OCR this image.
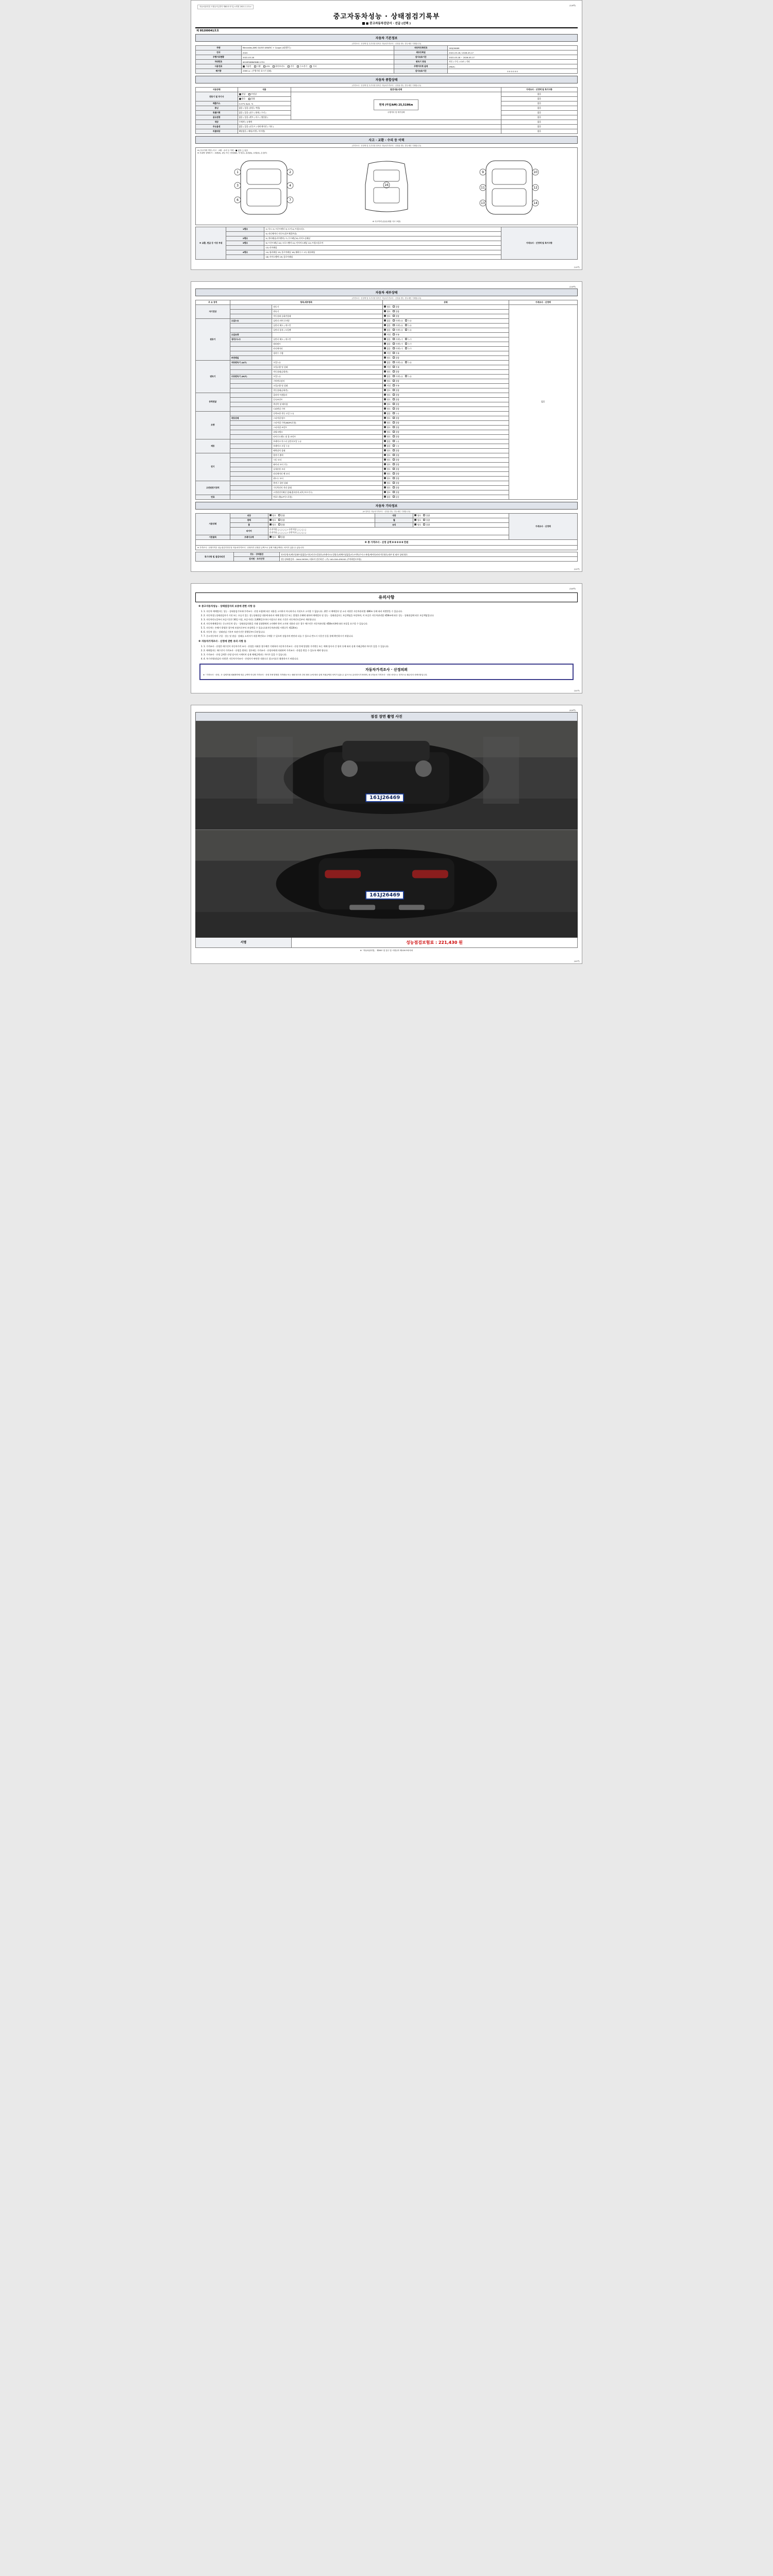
자동차관리법 시행규칙 [별지 제82호서식] <개정 2021.1.13.>	(1/4쪽)
중고자동차성능 · 상태점검기록부
■ 중고자동차진단서 · 선급 (선택 )
제 95200041호호
자동차 기본정보
(가격조사 · 산정액 및 특기사항 항목은 자동차가격조사 · 산정을 받는 경우에만 기재합니다)
차명	Mercedes-AMG GLE53 4MATIC + Coupe (4륜방식 )	자동차등록번호	161J26469
연식	2022	최초등록일	2022-03-18 / 2026-03-17
주행거리현황	2022-03-18	검사유효기간	2022-03-18 ~ 2026-03-17
차대번호	W1NFD6BW9NB11751	변속기 종류	자동 / 수동 / CVT / 기타
사용연료	가솔린 디젤 LPG 하이브리드 전기 수소전기 기타	주행거리계 실제	(MILE)
배기량	2999 cc (주행거리 표시기 상태)	검사유효기간	0 0 0 0 0 0
자동차 종합상태
(가격조사 · 산정액 및 특기사항 항목은 자동차가격조사 · 산정을 받는 경우에만 기재합니다)
사용상태	내용	점검내용/상태	가격조사 · 산정액 및 특기사항
전동기 및 주기사	정상 부정상	현재 (마일/kM) 25,519Km
주행거리 및 계기상태	없음
	양호 불량		없음
배출가스	0.07% 5pm. %		없음
튜닝	없음 / 있음 (불법 / 적법)		없음
특별이력	없음 / 있음 (침수 / 화재 / 수리 )		없음
용도변경	없음 / 있음 (렌트 / 리스 / 영업용 )		없음
색상	무채색 / 유채색		없음
주요옵션	없음 / 있음 (선루프 / 네비게이션 / 기타 )		없음
리콜대상	해당없음 / 해당(이행 / 미이행)		없음
사고 · 교환 · 수리 등 이력
(가격조사 · 산정액 및 특기사항 항목은 자동차가격조사 · 산정을 받는 경우에만 기재합니다)
※ (사고이력 여부) 사고 · 교환 · 수리 등 이력 : ■ 없음 □ 있음
※ 부위별 상태표시 : 교환(X), 판금 또는 용접(W), 부식(C), 흠집(A), 요철(U), 손상(T)
1
3
6
2
4
7
16
9
11
13
10
12
14
※ 사고이력 (유/무/대물 사고 포함)
※ 교환, 판금 등 이상 부위	1랭크	1) 후드 2) 프론트펜더 3) 도어 4) 트렁크리드	가격조사 · 산정액 및 특기사항
		5) 라디에이터 서포트(볼트체결부품)	
	2랭크	5) 쿼터패널(리어펜더) 7) 루프패널 8) 사이드실패널	
	3랭크	9) 프론트패널 10) 크로스멤버 11) 인사이드패널 12) 트렁크플로어	
		13) 리어패널	
	4랭크	14) 필러패널 15) 플로어패널 16) 휠하우스 17) 대쉬패널	
		18) 사이드멤버 19) 플로어패널	
(1/4쪽)
(2/4쪽)
자동차 세부상태
(가격조사 · 산정액 및 특기사항 항목은 자동차가격조사 · 산정을 받는 경우에만 기재합니다)
주 요 장치	항목/세부항목		상태	가격조사 · 산정액
자기진단		원동기	양호 불량	없음
		변속기	양호 불량	
		작동상태 공회전상태	양호 불량	
원동기	오일누유	실린더 커버 로카암	없음 미세누유 누유	
		실린더 헤드 / 개스킷	없음 미세누유 누유	
		실린더 블록 / 오일팬	없음 미세누유 누유	
	오일유량		적정 부족	
	냉각수누수	실린더 헤드 / 개스킷	없음 미세누수 누수	
		워터펌프	없음 미세누수 누수	
		라디에이터	없음 미세누수 누수	
		냉각수 수량	적정 부족	
	커먼레일		양호 불량	
변속기	자동변속기 (A/T)	오일누유	없음 미세누유 누유	
		오일유량 및 상태	적정 부족	
		작동상태(공회전)	양호 불량	
	수동변속기 (M/T)	오일누유	없음 미세누유 누유	
		기어변속장치	양호 불량	
		오일유량 및 상태	적정 부족	
		작동상태(공회전)	양호 불량	
동력전달		클러치 어셈블리	양호 불량	
		등속조인트	양호 불량	
		추진축 및 베어링	양호 불량	
		디퍼렌셜 기어	양호 불량	
조향		동력조향 작동 오일 누유	없음 누유	
	작동상태	스티어링 펌프	양호 불량	
		스티어링 기어(MDPS포함)	양호 불량	
		스티어링 조인트	양호 불량	
		파워크랭크	양호 불량	
		타이로드엔드 및 볼 조인트	양호 불량	
제동		브레이크 마스터 실린더오일 누유	없음 누유	
		브레이크 오일 누유	없음 누유	
		배력장치 상태	양호 불량	
전기		발전기 출력	양호 불량	
		시동 모터	양호 불량	
		와이퍼 모터 기능	양호 불량	
		실내송풍 모터	양호 불량	
		라디에이터 팬 모터	양호 불량	
		윈도우 모터	양호 불량	
고전원전기장치		충전구 절연 상태	양호 불량	
		구동축전지 격리 상태	양호 불량	
		고전원전기배선 상태(접속단자,피복,보호기구)	양호 불량	
연료		연료누출(LP가스포함)	없음 있음	
자동차 기타정보
(※ 항목은 자동차가격조사 · 산정을 받는 경우에만 기재합니다)
사용상태	외장	양호 불량	내장	양호 불량	가격조사 · 산정액
	광택	양호 불량	휠	양호 불량	
	룸	양호 불량	유리	양호 불량	
	타이어	운전석앞 □ □ □ □ / 동반석앞 □ □ □ □
운전석뒤 □ □ □ □ / 동반석뒤 □ □ □ □			
기본품목	브레이크액	양호 불량			
※ 총 가격조사 · 산정 금액 0 0 0 0 0 만원
※ 가격조사 · 산정가격은 성능점검기록부상 자동차가격조사 · 산정자가 산정한 금액으로 실제 거래금액과는 차이가 있을 수 있습니다.
특기사항 및 점검자의견	성능 · 상태점검	전자동방지/엔진상태이상없음/미션/미션오일양호/브레이크오일양호/하체이상없음/사고이력/무사고 판정/에어컨/히터작동양호/내부 및 외부 상태 양호
	검사원 · 조사산정	성능상태점검자 : 1644-59359 / 대표자 강중하진 : (주) 140-016-439192 (주차하담모보험)
(2/4쪽)
(3/4쪽)
유의사항
※ 중고자동차성능 · 상태점검자의 보증에 관한 사항 등
1. 1. 자동차 매매업자는 성능 · 상태점검기록부(가격조사 · 산정 포함)에 따른 내용을 고지하지 아니하거나 거짓으로 고지할 수 없습니다. 위반 시 매매업자 및 소속 직원은 자동차관리법 제80조 등에 따라 처벌받을 수 있습니다.
2. 2. 자동차성능상태점검자가 거짓 또는 오류가 있는 성능상태점검 내용에 따라서 매매 불법기간 또는 발생한 손해에 대하여 매매업자 및 성능 · 상태점검자는 보증책임을 부담하며, 이 보증은 자동차관리법 제58조에 따른 성능 · 상태점검에 따른 보증책임입니다.
3. 3. 자동차인도일부터 보증기간은 30일 이상, 보증거리는 2,000킬로미터 이상으로 하되 기간은 자동차인도일부터 계산합니다.
4. 4. 자동차매매업자는 중고자동차 성능 · 상태점검내용을 거래 상대방에게 고지해야 하며 고지된 내용과 다른 경우 매수인은 자동차관리법 제58조의4에 따라 보상을 요구할 수 있습니다.
5. 5. 자동차는 손해가 발생한 경우에 보험사로부터 보상받을 수 있습니다(자동차관리법 시행규칙 제120조).
6. 6. 자동차 성능 · 상태점검 기록부 보관기간은 발행일부터 1년입니다.
7. 7. 중고자동차의 구입 · 성능 및 점검 · 상태를 소비자가 직접 확인하고 구매할 수 있으며 점검자의 판단과 다를 수 있으니 반드시 시운전 등을 통해 확인하시기 바랍니다.
※ 자동차가격조사 · 산정에 관한 유의 사항 등
1. 1. 가격조사 · 산정은 매수인이 자동차가격 조사 · 산정을 의뢰한 경우에만 기재하며 자동차가격조사 · 산정 후에 발생한 가격변동 또는 매매 당사자 간 합의 등에 따라 실제 거래금액과 차이가 있을 수 있습니다.
2. 2. 매매업자는 매수인이 가격조사 · 산정을 원하는 경우에는 가격조사 · 산정자에게 의뢰하여 가격조사 · 산정을 받을 수 있도록 해야 합니다.
3. 3. 가격조사 · 산정 금액은 산정 당시의 시세이며 실제 매매금액과는 차이가 있을 수 있습니다.
4. 4. 특기사항(점검자 의견)은 자동차가격조사 · 산정자가 판단한 내용으로 참고자료로 활용하시기 바랍니다.
자동차가격조사 · 산정의뢰
※「가격조사 · 산정」은 실제거래 매매계약에 따른 금액이 아니며 가격조사 · 산정 후에 발생한 가격변동 또는 매매 당사자 간의 합의 등에 따라 실제 거래금액과 차이가 있을 수 있으므로 유의하시기 바라며, 중고자동차 가격조사 · 산정 서비스는 전적으로 매수인의 선택사항입니다.
(3/4쪽)
(4/4쪽)
점검 장면 촬영 사진
161J26469
161J26469
서명	성능점검보험료 : 221,430 원
※「자동차관리법」 제58조 및 같은 법 시행규칙 제120조에 따라
(4/4쪽)
